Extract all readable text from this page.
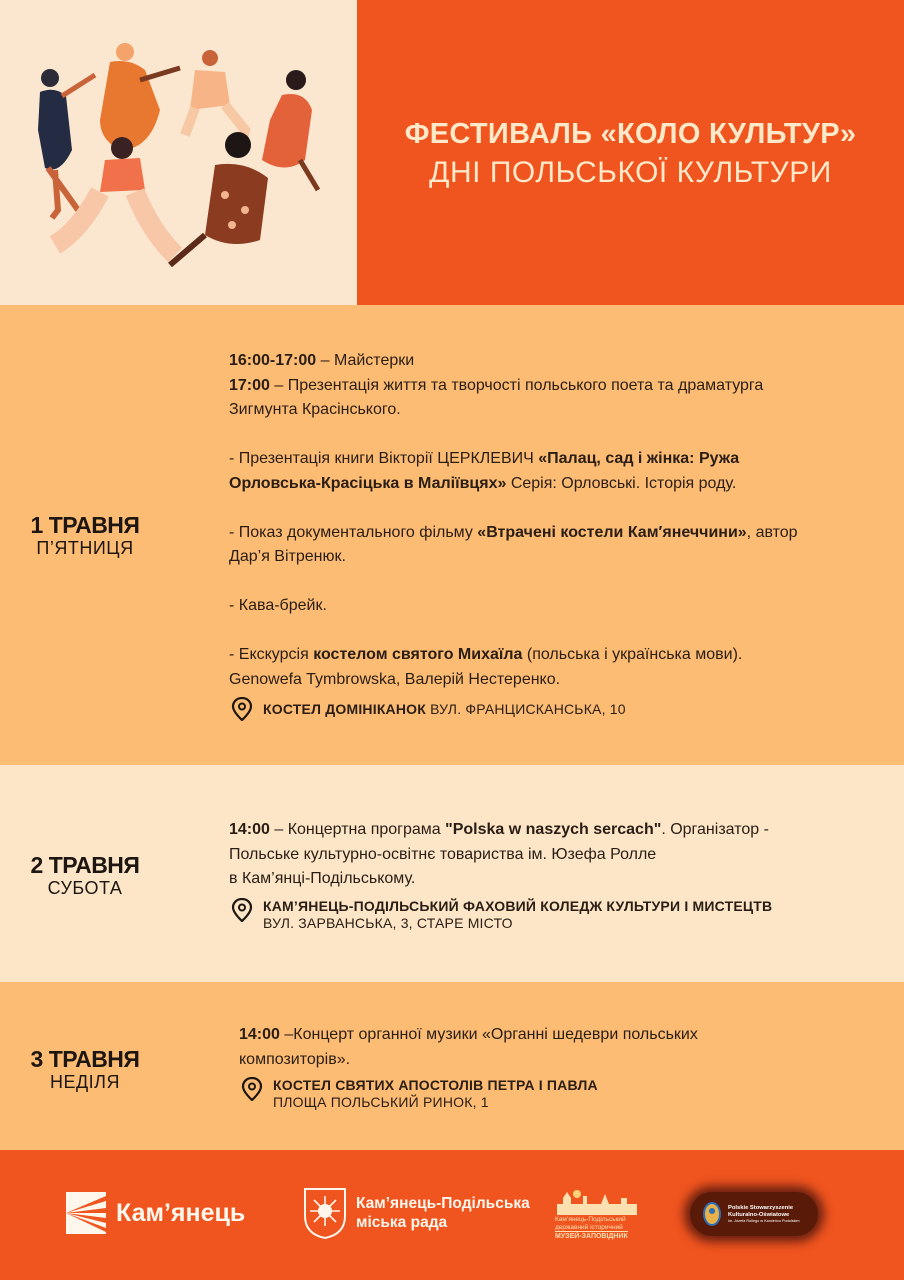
ФЕСТИВАЛЬ «КОЛО КУЛЬТУР»
ДНІ ПОЛЬСЬКОЇ КУЛЬТУРИ
1 ТРАВНЯ
П’ЯТНИЦЯ
16:00-17:00 – Майстерки
17:00 – Презентація життя та творчості польського поета та драматурга
Зигмунта Красінського.
- Презентація книги Вікторії ЦЕРКЛЕВИЧ «Палац, сад і жінка: Ружа
Орловська-Красіцька в Маліївцях» Серія: Орловські. Історія роду.
- Показ документального фільму «Втрачені костели Кам′янеччини», автор
Дар’я Вітренюк.
- Кава-брейк.
- Екскурсія костелом святого Михаїла (польська і українська мови).
Genowefa Tymbrowska, Валерій Нестеренко.
КОСТЕЛ ДОМІНІКАНОК ВУЛ. ФРАНЦИСКАНСЬКА, 10
2 ТРАВНЯ
СУБОТА
14:00 – Концертна програма "Polska w naszych sercach". Організатор -
Польське культурно-освітнє товариства ім. Юзефа Ролле
в Кам’янці-Подільському.
КАМ’ЯНЕЦЬ-ПОДІЛЬСЬКИЙ ФАХОВИЙ КОЛЕДЖ КУЛЬТУРИ І МИСТЕЦТВ
ВУЛ. ЗАРВАНСЬКА, 3, СТАРЕ МІСТО
3 ТРАВНЯ
НЕДІЛЯ
14:00 –Концерт органної музики «Органні шедеври польських
композиторів».
КОСТЕЛ СВЯТИХ АПОСТОЛІВ ПЕТРА І ПАВЛА
ПЛОЩА ПОЛЬСЬКИЙ РИНОК, 1
Кам’янець	Кам’янець-Подільська
міська рада	Кам’янець-Подільський
державний історичний
МУЗЕЙ-ЗАПОВІДНИК
Polskie Stowarzyszenie
Kulturalno-Oświatowe
im. Józefa Rollego w Kamieńcu Podolskim
